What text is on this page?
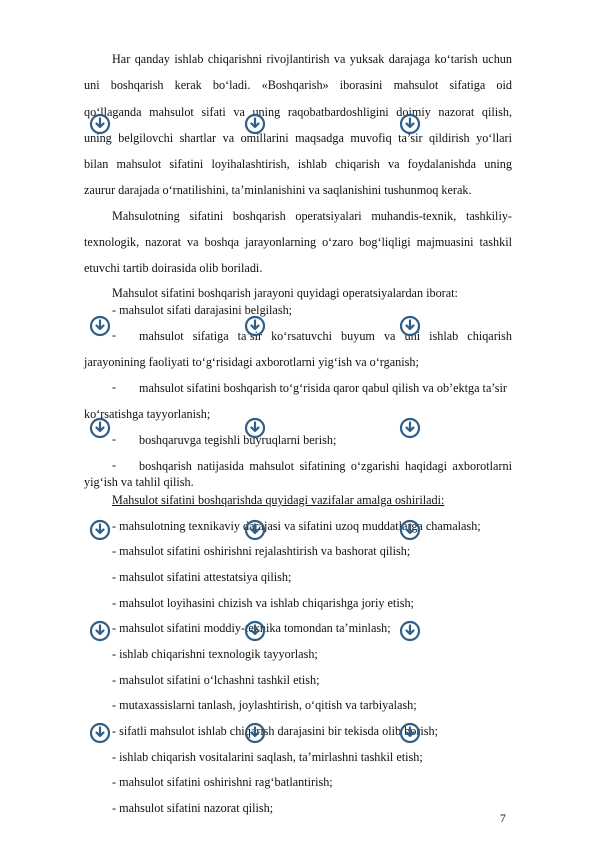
Har qanday ishlab chiqarishni rivojlantirish va yuksak darajaga ko‘tarish uchun
uni boshqarish kerak bo‘ladi. «Boshqarish» iborasini mahsulot sifatiga oid
qo‘llaganda mahsulot sifati va uning raqobatbardoshligini doimiy nazorat qilish,
uning belgilovchi shartlar va omillarini maqsadga muvofiq ta’sir qildirish yo‘llari
bilan mahsulot sifatini loyihalashtirish, ishlab chiqarish va foydalanishda uning
zaurur darajada o‘rnatilishini, ta’minlanishini va saqlanishini tushunmoq kerak.
Mahsulotning sifatini boshqarish operatsiyalari muhandis-texnik, tashkiliy-
texnologik, nazorat va boshqa jarayonlarning o‘zaro bog‘liqligi majmuasini tashkil
etuvchi tartib doirasida olib boriladi.
Mahsulot sifatini boshqarish jarayoni quyidagi operatsiyalardan iborat:
- mahsulot sifati darajasini belgilash;
- mahsulot sifatiga ta’sir ko‘rsatuvchi buyum va uni ishlab chiqarish
jarayonining faoliyati to‘g‘risidagi axborotlarni yig‘ish va o‘rganish;
- mahsulot sifatini boshqarish to‘g‘risida qaror qabul qilish va ob’ektga ta’sir
ko‘rsatishga tayyorlanish;
- boshqaruvga tegishli buyruqlarni berish;
- boshqarish natijasida mahsulot sifatining o‘zgarishi haqidagi axborotlarni
yig‘ish va tahlil qilish.
Mahsulot sifatini boshqarishda quyidagi vazifalar amalga oshiriladi:
- mahsulotning texnikaviy darajasi va sifatini uzoq muddatlarga chamalash;
- mahsulot sifatini oshirishni rejalashtirish va bashorat qilish;
- mahsulot sifatini attestatsiya qilish;
- mahsulot loyihasini chizish va ishlab chiqarishga joriy etish;
- mahsulot sifatini moddiy-texnika tomondan ta’minlash;
- ishlab chiqarishni texnologik tayyorlash;
- mahsulot sifatini o‘lchashni tashkil etish;
- mutaxassislarni tanlash, joylashtirish, o‘qitish va tarbiyalash;
- sifatli mahsulot ishlab chiqarish darajasini bir tekisda olib borish;
- ishlab chiqarish vositalarini saqlash, ta’mirlashni tashkil etish;
- mahsulot sifatini oshirishni rag‘batlantirish;
- mahsulot sifatini nazorat qilish;
7
